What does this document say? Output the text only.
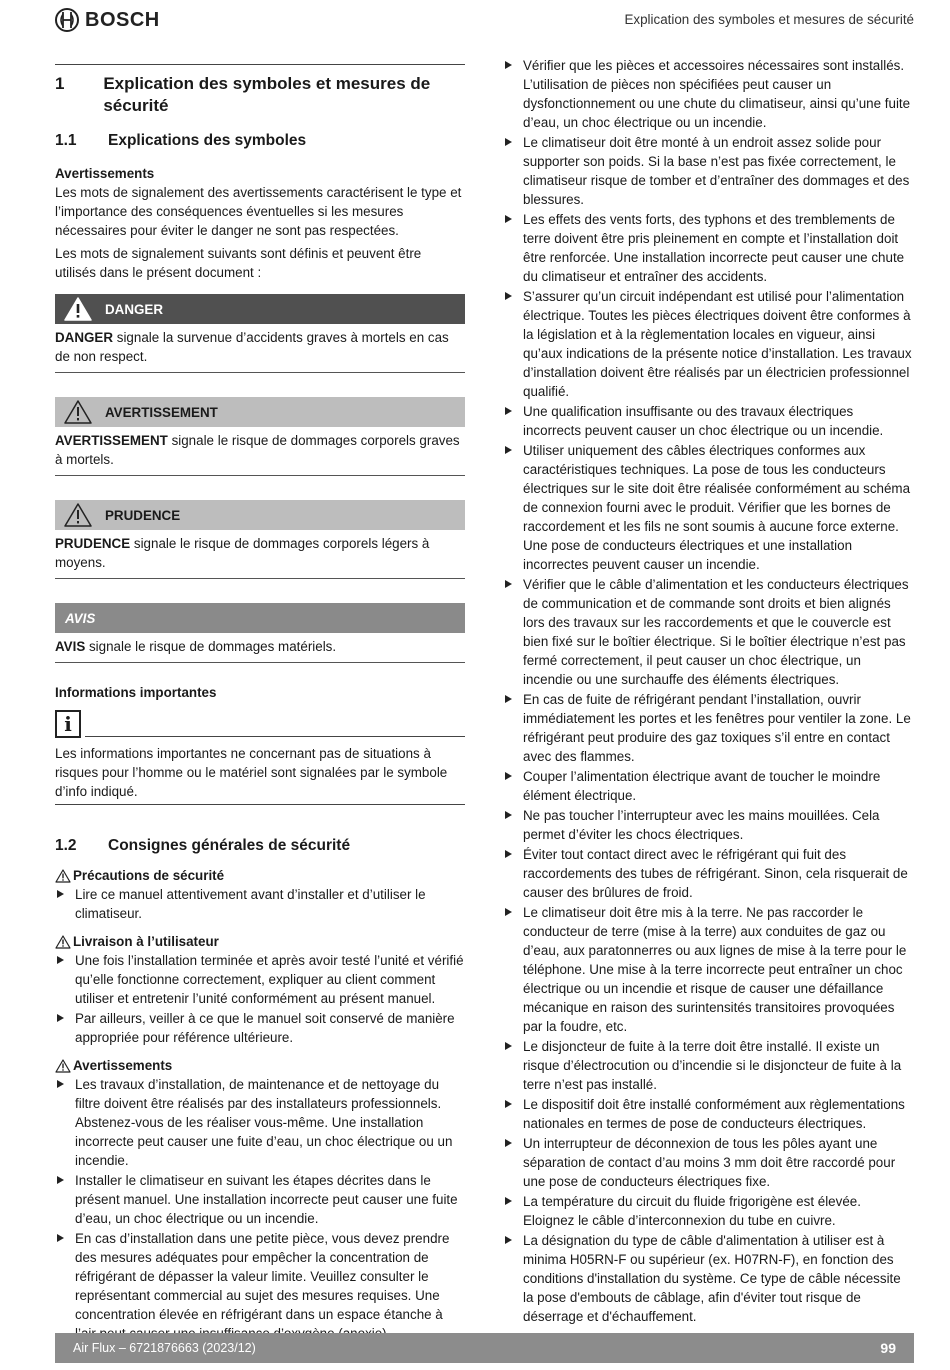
BOSCH	Explication des symboles et mesures de sécurité
1	Explication des symboles et mesures de sécurité
1.1	Explications des symboles

Avertissements

Les mots de signalement des avertissements caractérisent le type et l’importance des conséquences éventuelles si les mesures nécessaires pour éviter le danger ne sont pas respectées.

Les mots de signalement suivants sont définis et peuvent être utilisés dans le présent document :

DANGER
DANGER signale la survenue d’accidents graves à mortels en cas de non respect.
AVERTISSEMENT
AVERTISSEMENT signale le risque de dommages corporels graves à mortels.
PRUDENCE
PRUDENCE signale le risque de dommages corporels légers à moyens.
AVIS
AVIS signale le risque de dommages matériels.

Informations importantes

i
Les informations importantes ne concernant pas de situations à risques pour l’homme ou le matériel sont signalées par le symbole d’info indiqué.
1.2	Consignes générales de sécurité
Précautions de sécurité
Lire ce manuel attentivement avant d’installer et d’utiliser le climatiseur.
Livraison à l’utilisateur
Une fois l’installation terminée et après avoir testé l’unité et vérifié qu’elle fonctionne correctement, expliquer au client comment utiliser et entretenir l’unité conformément au présent manuel.
Par ailleurs, veiller à ce que le manuel soit conservé de manière appropriée pour référence ultérieure.
Avertissements
Les travaux d’installation, de maintenance et de nettoyage du filtre doivent être réalisés par des installateurs professionnels. Abstenez-vous de les réaliser vous-même. Une installation incorrecte peut causer une fuite d’eau, un choc électrique ou un incendie.
Installer le climatiseur en suivant les étapes décrites dans le présent manuel. Une installation incorrecte peut causer une fuite d’eau, un choc électrique ou un incendie.
En cas d’installation dans une petite pièce, vous devez prendre des mesures adéquates pour empêcher la concentration de réfrigérant de dépasser la valeur limite. Veuillez consulter le représentant commercial au sujet des mesures requises. Une concentration élevée en réfrigérant dans un espace étanche à
Vérifier que les pièces et accessoires nécessaires sont installés. L’utilisation de pièces non spécifiées peut causer un dysfonctionnement ou une chute du climatiseur, ainsi qu’une fuite d’eau, un choc électrique ou un incendie.
Le climatiseur doit être monté à un endroit assez solide pour supporter son poids. Si la base n’est pas fixée correctement, le climatiseur risque de tomber et d’entraîner des dommages et des blessures.
Les effets des vents forts, des typhons et des tremblements de terre doivent être pris pleinement en compte et l’installation doit être renforcée. Une installation incorrecte peut causer une chute du climatiseur et entraîner des accidents.
S’assurer qu’un circuit indépendant est utilisé pour l’alimentation électrique. Toutes les pièces électriques doivent être conformes à la législation et à la règlementation locales en vigueur, ainsi qu’aux indications de la présente notice d’installation. Les travaux d’installation doivent être réalisés par un électricien professionnel qualifié.
Une qualification insuffisante ou des travaux électriques incorrects peuvent causer un choc électrique ou un incendie.
Utiliser uniquement des câbles électriques conformes aux caractéristiques techniques. La pose de tous les conducteurs électriques sur le site doit être réalisée conformément au schéma de connexion fourni avec le produit. Vérifier que les bornes de raccordement et les fils ne sont soumis à aucune force externe. Une pose de conducteurs électriques et une installation incorrectes peuvent causer un incendie.
Vérifier que le câble d’alimentation et les conducteurs électriques de communication et de commande sont droits et bien alignés lors des travaux sur les raccordements et que le couvercle est bien fixé sur le boîtier électrique. Si le boîtier électrique n’est pas fermé correctement, il peut causer un choc électrique, un incendie ou une surchauffe des éléments électriques.
En cas de fuite de réfrigérant pendant l’installation, ouvrir immédiatement les portes et les fenêtres pour ventiler la zone. Le réfrigérant peut produire des gaz toxiques s’il entre en contact avec des flammes.
Couper l’alimentation électrique avant de toucher le moindre élément électrique.
Ne pas toucher l’interrupteur avec les mains mouillées. Cela permet d’éviter les chocs électriques.
Éviter tout contact direct avec le réfrigérant qui fuit des raccordements des tubes de réfrigérant. Sinon, cela risquerait de causer des brûlures de froid.
Le climatiseur doit être mis à la terre. Ne pas raccorder le conducteur de terre (mise à la terre) aux conduites de gaz ou d’eau, aux paratonnerres ou aux lignes de mise à la terre pour le téléphone. Une mise à la terre incorrecte peut entraîner un choc électrique ou un incendie et risque de causer une défaillance mécanique en raison des surintensités transitoires provoquées par la foudre, etc.
Le disjoncteur de fuite à la terre doit être installé. Il existe un risque d’électrocution ou d’incendie si le disjoncteur de fuite à la terre n’est pas installé.
Le dispositif doit être installé conformément aux règlementations nationales en termes de pose de conducteurs électriques.
Un interrupteur de déconnexion de tous les pôles ayant une séparation de contact d’au moins 3 mm doit être raccordé pour une pose de conducteurs électriques fixe.
La température du circuit du fluide frigorigène est élevée. Eloignez le câble d’interconnexion du tube en cuivre.
La désignation du type de câble d'alimentation à utiliser est à minima H05RN-F ou supérieur (ex. H07RN-F), en fonction des conditions d'installation du système. Ce type de câble nécessite la pose d'embouts de câblage, afin d'éviter tout risque de déserrage et d'échauffement.
Air Flux – 6721876663 (2023/12)	99
